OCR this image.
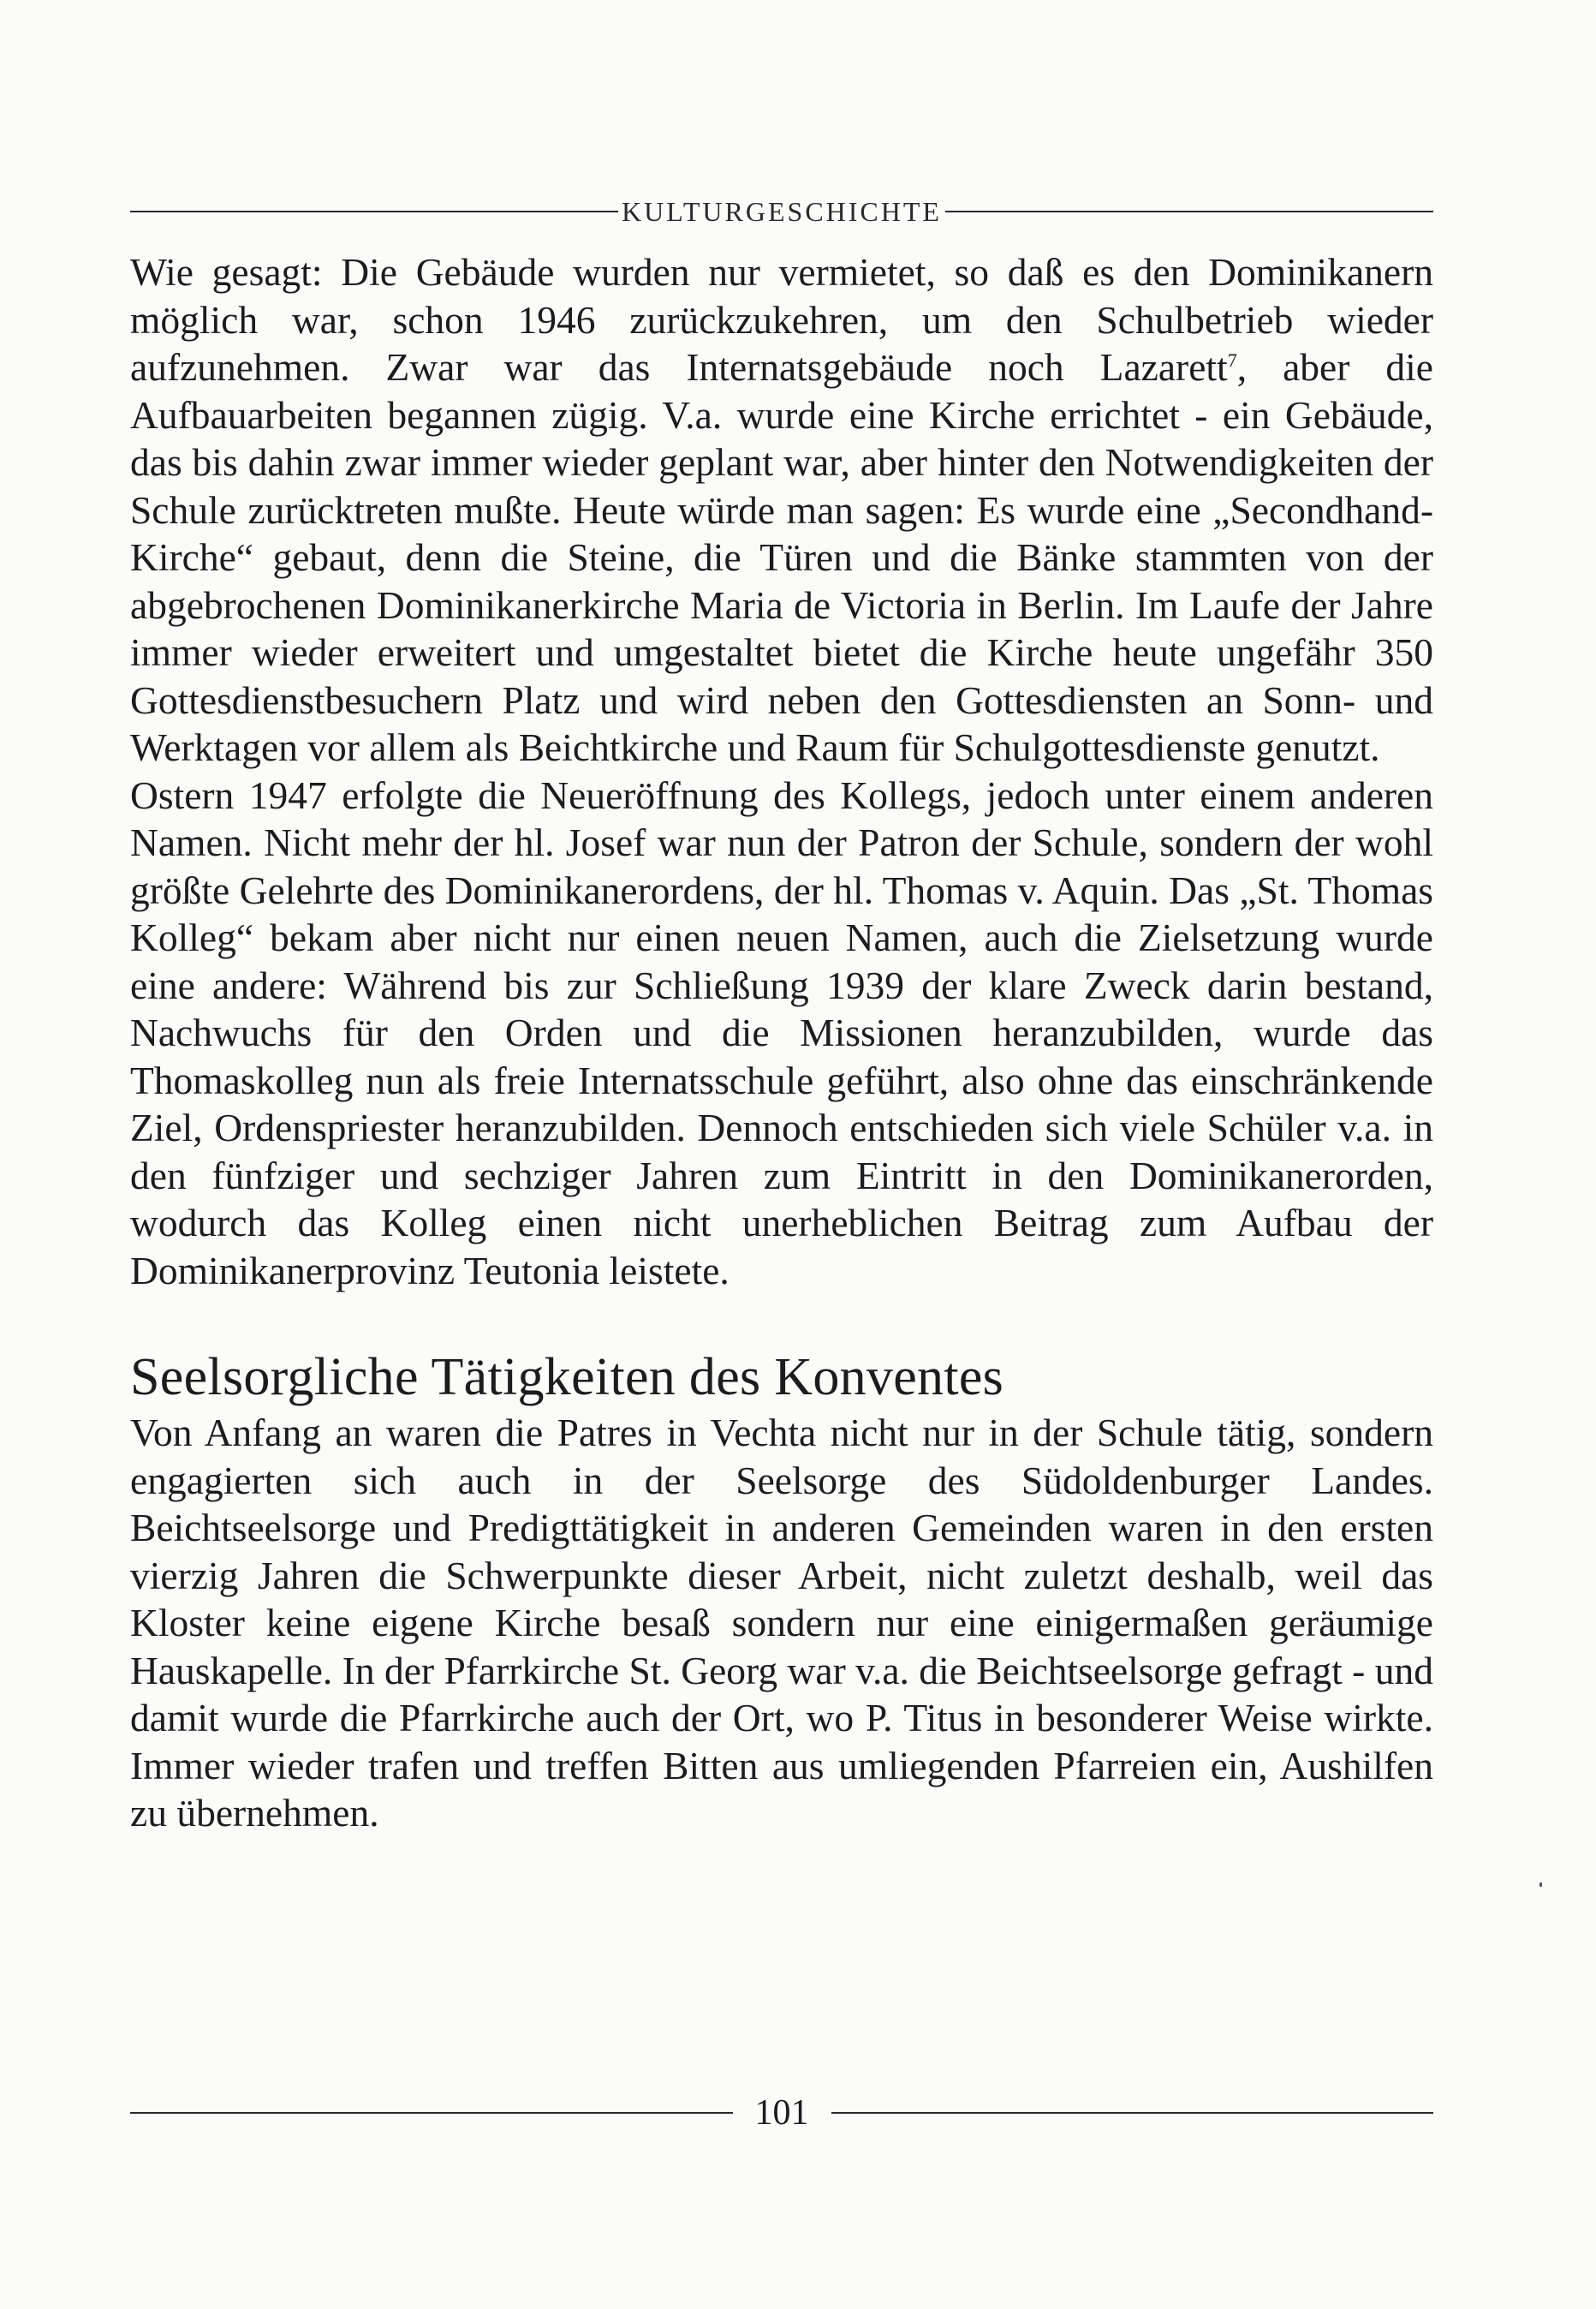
KULTURGESCHICHTE

Wie gesagt: Die Gebäude wurden nur vermietet, so daß es den Dominikanern möglich war, schon 1946 zurückzukehren, um den Schulbetrieb wieder aufzunehmen. Zwar war das Internatsgebäude noch Lazarett$^7$, aber die Aufbauarbeiten begannen zügig. V.a. wurde eine Kirche errichtet - ein Gebäude, das bis dahin zwar immer wieder geplant war, aber hinter den Notwendigkeiten der Schule zurücktreten mußte. Heute würde man sagen: Es wurde eine „Secondhand-Kirche“ gebaut, denn die Steine, die Türen und die Bänke stammten von der abgebrochenen Dominikanerkirche Maria de Victoria in Berlin. Im Laufe der Jahre immer wieder erweitert und umgestaltet bietet die Kirche heute ungefähr 350 Gottesdienstbesuchern Platz und wird neben den Gottesdiensten an Sonn- und Werktagen vor allem als Beichtkirche und Raum für Schulgottesdienste genutzt.

Ostern 1947 erfolgte die Neueröffnung des Kollegs, jedoch unter einem anderen Namen. Nicht mehr der hl. Josef war nun der Patron der Schule, sondern der wohl größte Gelehrte des Dominikanerordens, der hl. Thomas v. Aquin. Das „St. Thomas Kolleg“ bekam aber nicht nur einen neuen Namen, auch die Zielsetzung wurde eine andere: Während bis zur Schließung 1939 der klare Zweck darin bestand, Nachwuchs für den Orden und die Missionen heranzubilden, wurde das Thomaskolleg nun als freie Internatsschule geführt, also ohne das einschränkende Ziel, Ordenspriester heranzubilden. Dennoch entschieden sich viele Schüler v.a. in den fünfziger und sechziger Jahren zum Eintritt in den Dominikanerorden, wodurch das Kolleg einen nicht unerheblichen Beitrag zum Aufbau der Dominikanerprovinz Teutonia leistete.

Seelsorgliche Tätigkeiten des Konventes

Von Anfang an waren die Patres in Vechta nicht nur in der Schule tätig, sondern engagierten sich auch in der Seelsorge des Südoldenburger Landes. Beichtseelsorge und Predigttätigkeit in anderen Gemeinden waren in den ersten vierzig Jahren die Schwerpunkte dieser Arbeit, nicht zuletzt deshalb, weil das Kloster keine eigene Kirche besaß sondern nur eine einigermaßen geräumige Hauskapelle. In der Pfarrkirche St. Georg war v.a. die Beichtseelsorge gefragt - und damit wurde die Pfarrkirche auch der Ort, wo P. Titus in besonderer Weise wirkte. Immer wieder trafen und treffen Bitten aus umliegenden Pfarreien ein, Aushilfen zu übernehmen.

101
